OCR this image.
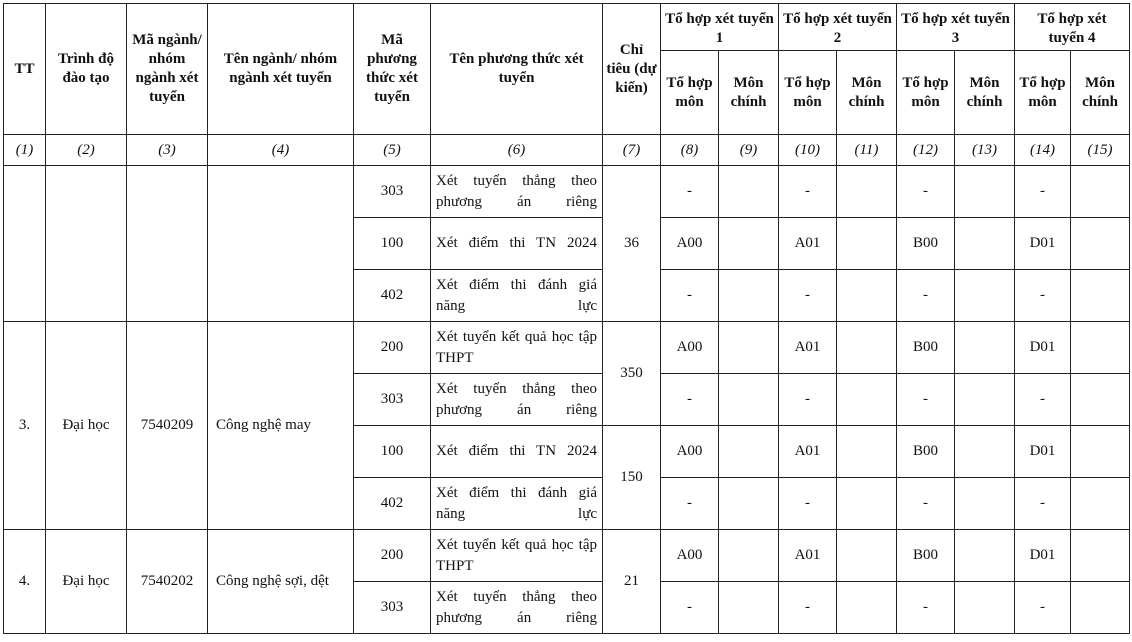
TT	Trình độ đào tạo	Mã ngành/ nhóm ngành xét tuyển	Tên ngành/ nhóm ngành xét tuyển	Mã phương thức xét tuyển	Tên phương thức xét tuyển	Chỉ tiêu (dự kiến)	Tổ hợp xét tuyển 1		Tổ hợp xét tuyển 2		Tổ hợp xét tuyển 3		Tổ hợp xét tuyển 4	
							Tổ hợp môn	Môn chính	Tổ hợp môn	Môn chính	Tổ hợp môn	Môn chính	Tổ hợp môn	Môn chính
(1)	(2)	(3)	(4)	(5)	(6)	(7)	(8)	(9)	(10)	(11)	(12)	(13)	(14)	(15)
				303	Xét tuyển thẳng theo phương án riêng	36	-		-		-		-	
				100	Xét điểm thi TN 2024		A00		A01		B00		D01	
				402	Xét điểm thi đánh giá năng lực		-		-		-		-	
3.	Đại học	7540209	Công nghệ may	200	Xét tuyển kết quả học tập THPT	350	A00		A01		B00		D01	
				303	Xét tuyển thẳng theo phương án riêng		-		-		-		-	
				100	Xét điểm thi TN 2024	150	A00		A01		B00		D01	
				402	Xét điểm thi đánh giá năng lực		-		-		-		-	
4.	Đại học	7540202	Công nghệ sợi, dệt	200	Xét tuyển kết quả học tập THPT	21	A00		A01		B00		D01	
				303	Xét tuyển thẳng theo phương án riêng		-		-		-		-	
